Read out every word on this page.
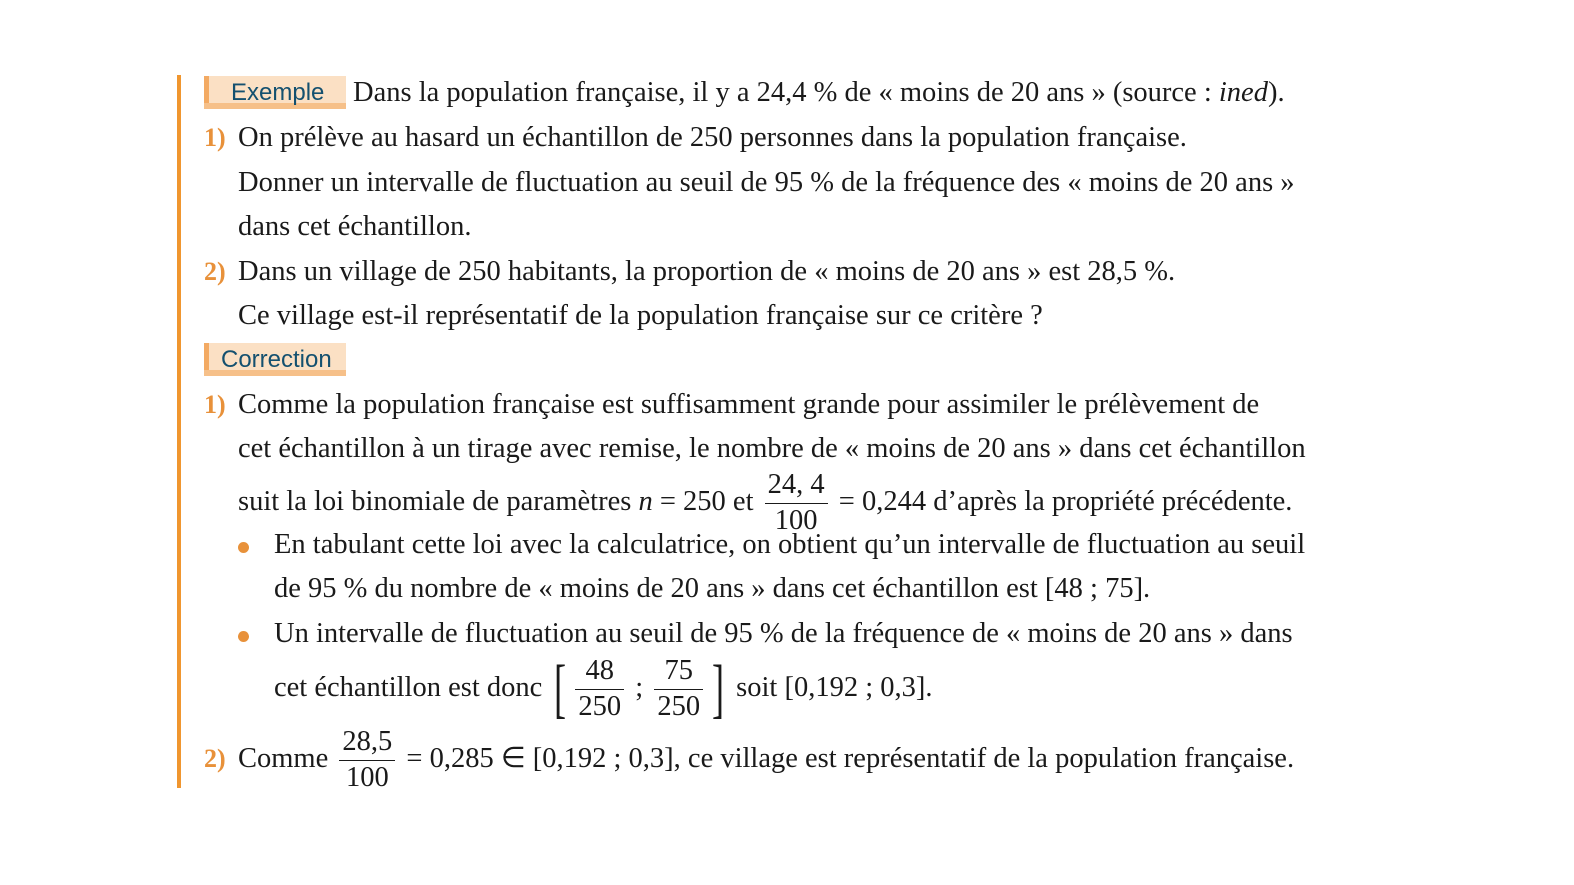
Exemple	Dans la population française, il y a 24,4 % de « moins de 20 ans » (source : ined).
1) On prélève au hasard un échantillon de 250 personnes dans la population française.
Donner un intervalle de fluctuation au seuil de 95 % de la fréquence des « moins de 20 ans »
dans cet échantillon.
2) Dans un village de 250 habitants, la proportion de « moins de 20 ans » est 28,5 %.
Ce village est-il représentatif de la population française sur ce critère ?
Correction
1) Comme la population française est suffisamment grande pour assimiler le prélèvement de
cet échantillon à un tirage avec remise, le nombre de « moins de 20 ans » dans cet échantillon
suit la loi binomiale de paramètres n = 250 et $\frac{24, 4}{100} = 0,244$ d’après la propriété précédente.
En tabulant cette loi avec la calculatrice, on obtient qu’un intervalle de fluctuation au seuil
de 95 % du nombre de « moins de 20 ans » dans cet échantillon est [48 ; 75].
Un intervalle de fluctuation au seuil de 95 % de la fréquence de « moins de 20 ans » dans
cet échantillon est donc [ $\frac{48}{250}$ ; $\frac{75}{250}$ ] soit [0,192 ; 0,3].
2) Comme $\frac{28,5}{100} = 0,285$ ∈ [0,192 ; 0,3], ce village est représentatif de la population française.
